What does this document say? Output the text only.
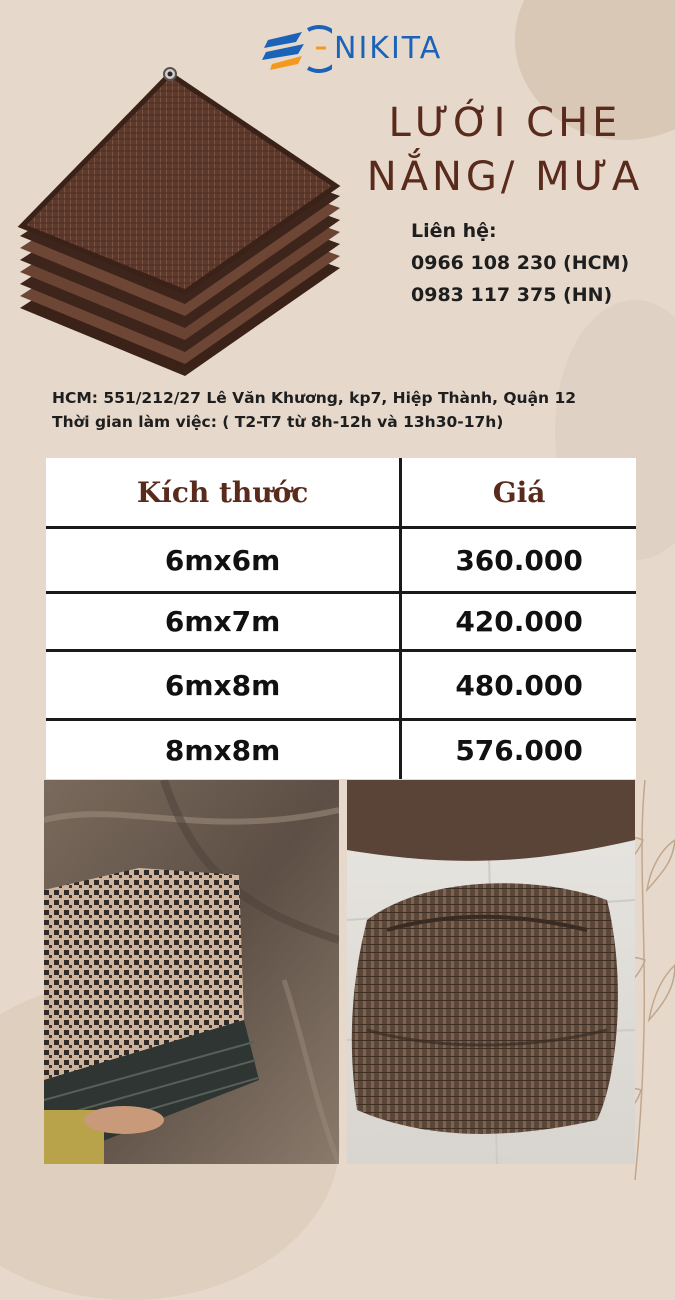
NIKITA
LƯỚI CHE
NẮNG/ MƯA
Liên hệ:
0966 108 230 (HCM)
0983 117 375 (HN)
HCM: 551/212/27 Lê Văn Khương, kp7, Hiệp Thành, Quận 12
Thời gian làm việc: ( T2-T7 từ 8h-12h và 13h30-17h)
Kích thước	Giá
6mx6m	360.000
6mx7m	420.000
6mx8m	480.000
8mx8m	576.000
